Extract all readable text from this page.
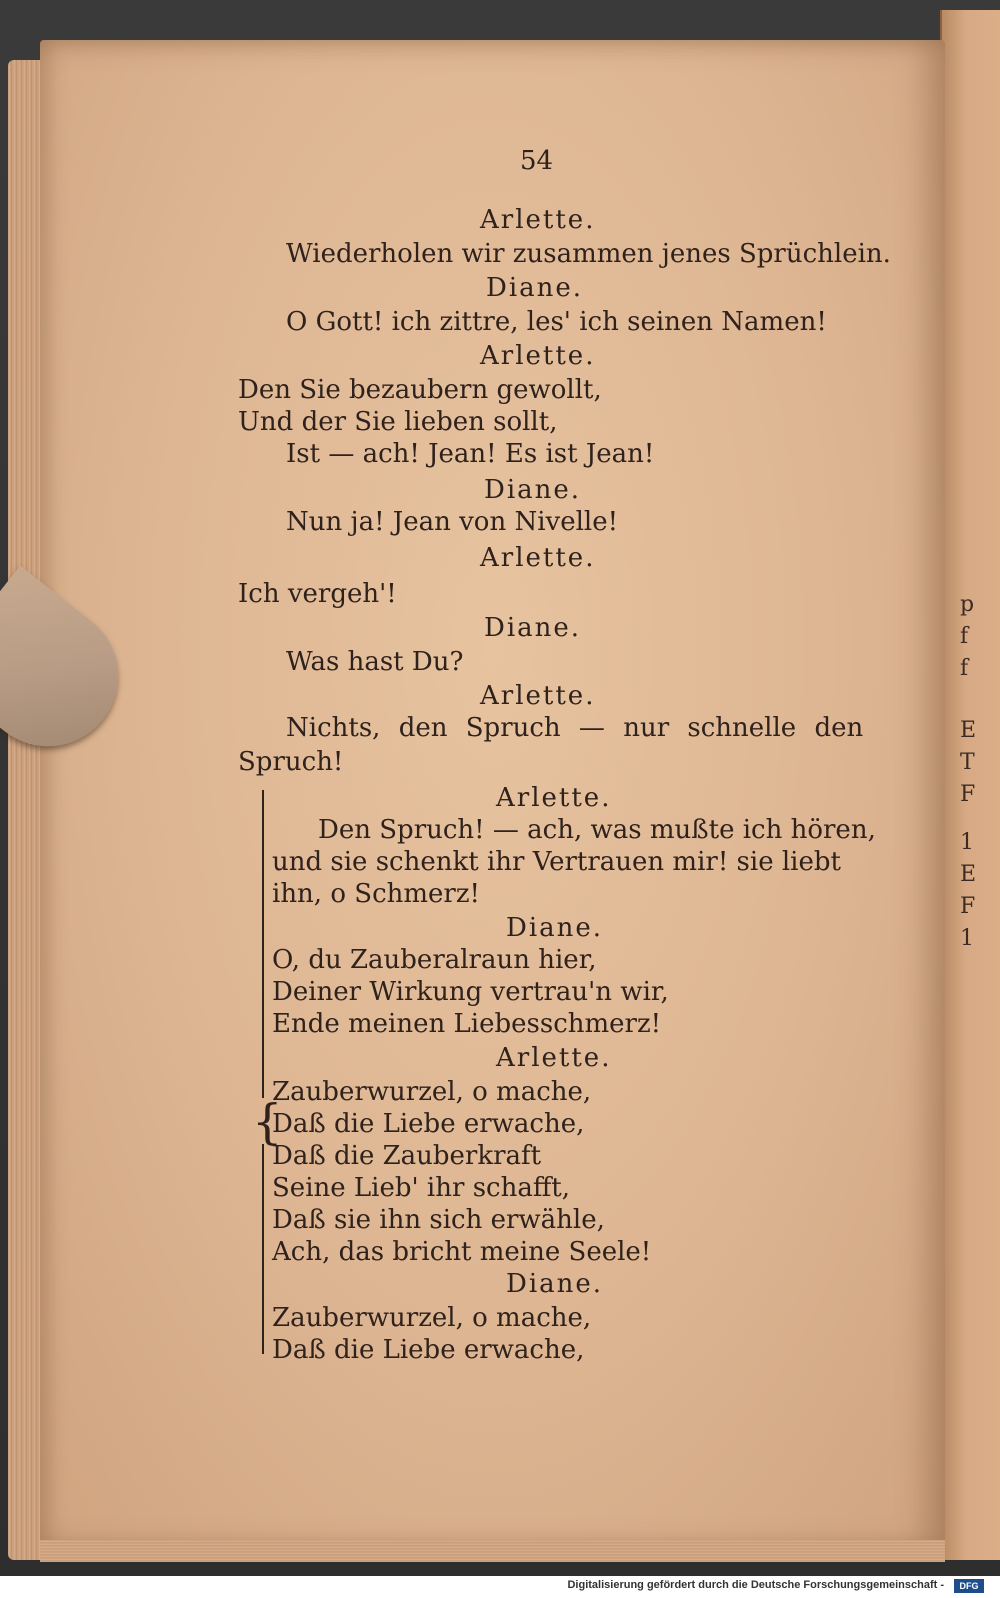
p
f
f
E
T
F
1
E
F
1
54
Arlette.
Wiederholen wir zusammen jenes Sprüchlein.
Diane.
O Gott! ich zittre, les' ich seinen Namen!
Arlette.
Den Sie bezaubern gewollt,
Und der Sie lieben sollt,
Ist — ach! Jean! Es ist Jean!
Diane.
Nun ja! Jean von Nivelle!
Arlette.
Ich vergeh'!
Diane.
Was hast Du?
Arlette.
Nichts, den Spruch — nur schnelle den
Spruch!
{
Arlette.
Den Spruch! — ach, was mußte ich hören,
und sie schenkt ihr Vertrauen mir! sie liebt
ihn, o Schmerz!
Diane.
O, du Zauberalraun hier,
Deiner Wirkung vertrau'n wir,
Ende meinen Liebesschmerz!
Arlette.
Zauberwurzel, o mache,
Daß die Liebe erwache,
Daß die Zauberkraft
Seine Lieb' ihr schafft,
Daß sie ihn sich erwähle,
Ach, das bricht meine Seele!
Diane.
Zauberwurzel, o mache,
Daß die Liebe erwache,
Digitalisierung gefördert durch die Deutsche Forschungsgemeinschaft -	DFG
